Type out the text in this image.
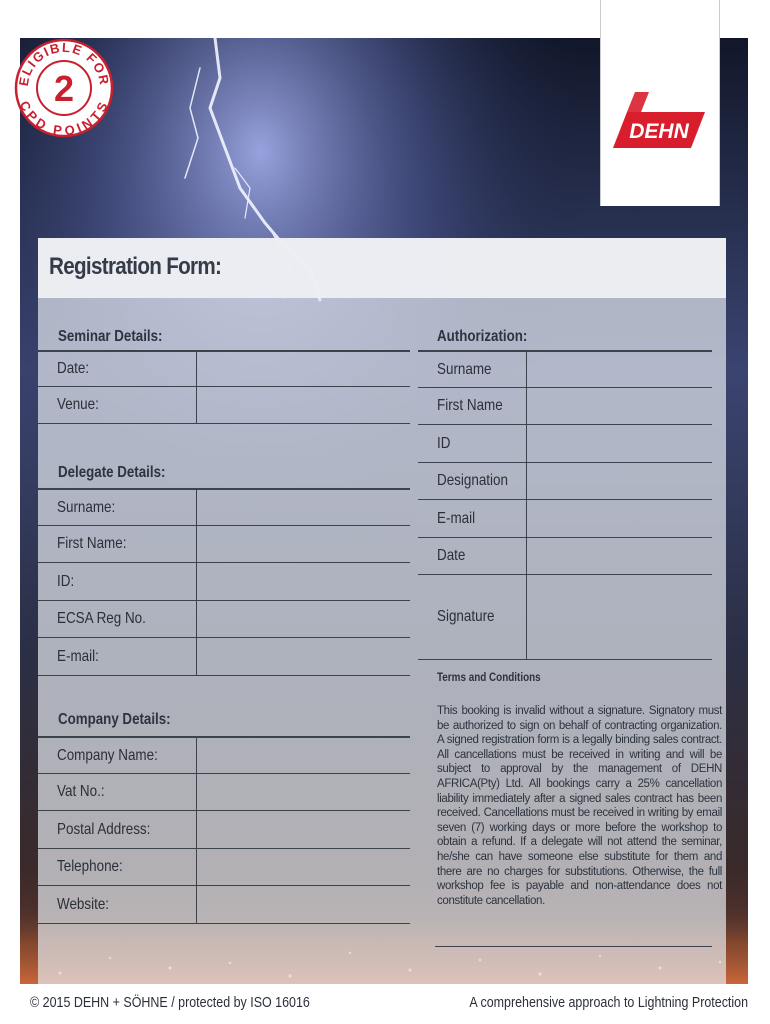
ELIGIBLE FOR
CPD POINTS
2
DEHN
Registration Form:
Seminar Details:
Date:
Venue:
Delegate Details:
Surname:
First Name:
ID:
ECSA Reg No.
E-mail:
Company Details:
Company Name:
Vat No.:
Postal Address:
Telephone:
Website:
Authorization:
Surname
First Name
ID
Designation
E-mail
Date
Signature
Terms and Conditions

This booking is invalid without a signature. Signatory must be authorized to sign on behalf of contracting organization. A signed registration form is a legally binding sales contract. All cancellations must be received in writing and will be subject to approval by the management of DEHN AFRICA(Pty) Ltd. All bookings carry a 25% cancellation liability immediately after a signed sales contract has been received. Cancellations must be received in writing by email seven (7) working days or more before the workshop to obtain a refund. If a delegate will not attend the seminar, he/she can have someone else substitute for them and there are no charges for substitutions. Otherwise, the full workshop fee is payable and non-attendance does not constitute cancellation.

© 2015 DEHN + SÖHNE / protected by ISO 16016	A comprehensive approach to Lightning Protection
